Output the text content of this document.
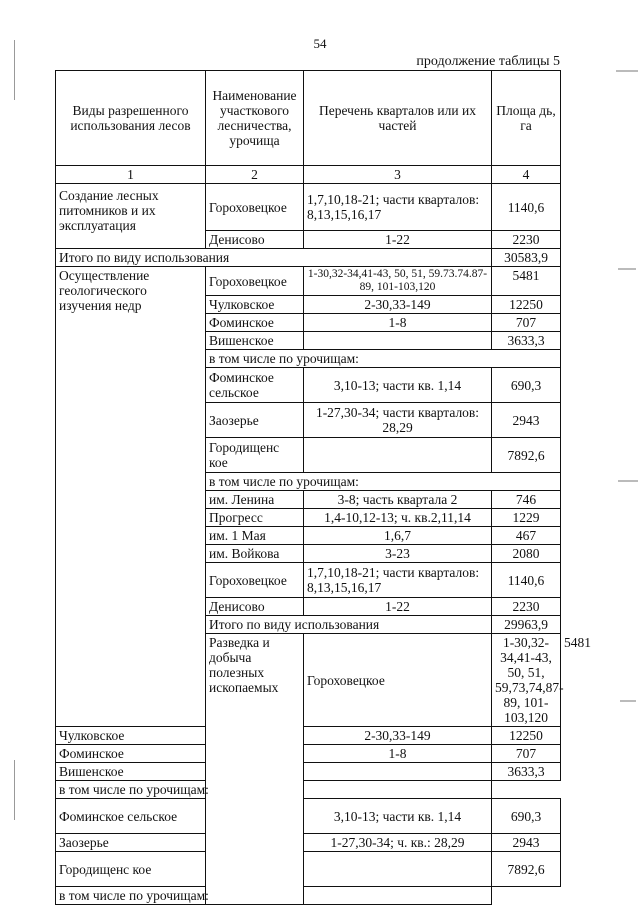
54
продолжение таблицы 5
Виды разрешенного использования лесов	Наименование участкового лесничества, урочища	Перечень кварталов или их частей	Площа дь, га	
1	2	3	4	
Создание лесных питомников и их эксплуатация	Гороховецкое	1,7,10,18-21; части кварталов: 8,13,15,16,17	1140,6	
	Денисово	1-22	2230	
Итого по виду использования			30583,9	
Осуществление геологического изучения недр	Гороховецкое	1-30,32-34,41-43, 50, 51, 59.73.74.87-89, 101-103,120	5481	
	Чулковское	2-30,33-149	12250	
	Фоминское	1-8	707	
	Вишенское		3633,3	
	в том числе по урочищам:			
	Фоминское сельское	3,10-13; части кв. 1,14	690,3	
	Заозерье	1-27,30-34; части кварталов: 28,29	2943	
	Городищенс кое		7892,6	
	в том числе по урочищам:			
	им. Ленина	3-8; часть квартала 2	746	
	Прогресс	1,4-10,12-13; ч. кв.2,11,14	1229	
	им. 1 Мая	1,6,7	467	
	им. Войкова	3-23	2080	
	Гороховецкое	1,7,10,18-21; части кварталов: 8,13,15,16,17	1140,6	
	Денисово	1-22	2230	
	Итого по виду использования		29963,9	
	Разведка и добыча полезных ископаемых	Гороховецкое	1-30,32-34,41-43, 50, 51, 59,73,74,87-89, 101-103,120	5481
Чулковское		2-30,33-149	12250	
Фоминское		1-8	707	
Вишенское			3633,3	
в том числе по урочищам:				
Фоминское сельское		3,10-13; части кв. 1,14	690,3	
Заозерье		1-27,30-34; ч. кв.: 28,29	2943	
Городищенс кое			7892,6	
в том числе по урочищам:				
